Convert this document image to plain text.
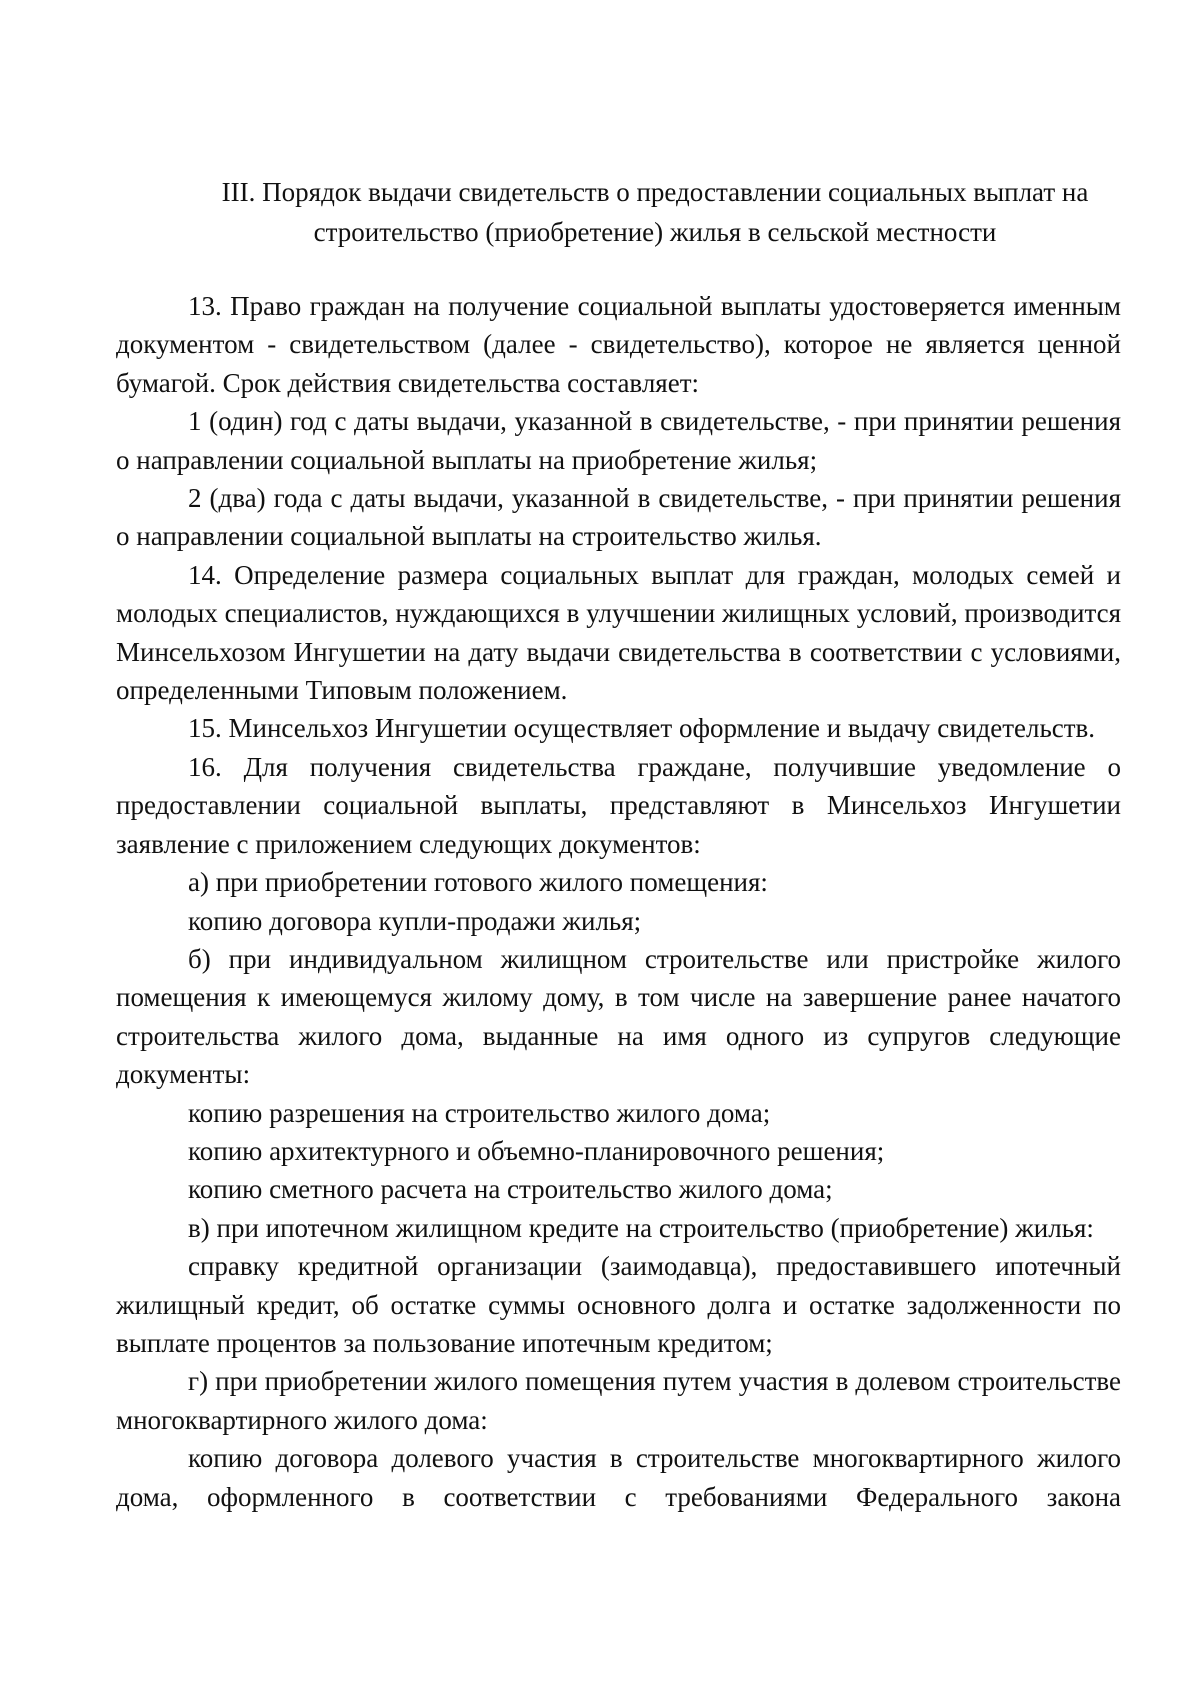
III. Порядок выдачи свидетельств о предоставлении социальных выплат на
строительство (приобретение) жилья в сельской местности

13. Право граждан на получение социальной выплаты удостоверяется именным документом - свидетельством (далее - свидетельство), которое не является ценной бумагой. Срок действия свидетельства составляет:

1 (один) год с даты выдачи, указанной в свидетельстве, - при принятии решения о направлении социальной выплаты на приобретение жилья;

2 (два) года с даты выдачи, указанной в свидетельстве, - при принятии решения о направлении социальной выплаты на строительство жилья.

14. Определение размера социальных выплат для граждан, молодых семей и молодых специалистов, нуждающихся в улучшении жилищных условий, производится Минсельхозом Ингушетии на дату выдачи свидетельства в соответствии с условиями, определенными Типовым положением.

15. Минсельхоз Ингушетии осуществляет оформление и выдачу свидетельств.

16. Для получения свидетельства граждане, получившие уведомление о предоставлении социальной выплаты, представляют в Минсельхоз Ингушетии заявление с приложением следующих документов:

а) при приобретении готового жилого помещения:

копию договора купли-продажи жилья;

б) при индивидуальном жилищном строительстве или пристройке жилого помещения к имеющемуся жилому дому, в том числе на завершение ранее начатого строительства жилого дома, выданные на имя одного из супругов следующие документы:

копию разрешения на строительство жилого дома;

копию архитектурного и объемно-планировочного решения;

копию сметного расчета на строительство жилого дома;

в) при ипотечном жилищном кредите на строительство (приобретение) жилья:

справку кредитной организации (заимодавца), предоставившего ипотечный жилищный кредит, об остатке суммы основного долга и остатке задолженности по выплате процентов за пользование ипотечным кредитом;

г) при приобретении жилого помещения путем участия в долевом строительстве многоквартирного жилого дома:

копию договора долевого участия в строительстве многоквартирного жилого дома, оформленного в соответствии с требованиями Федерального закона
